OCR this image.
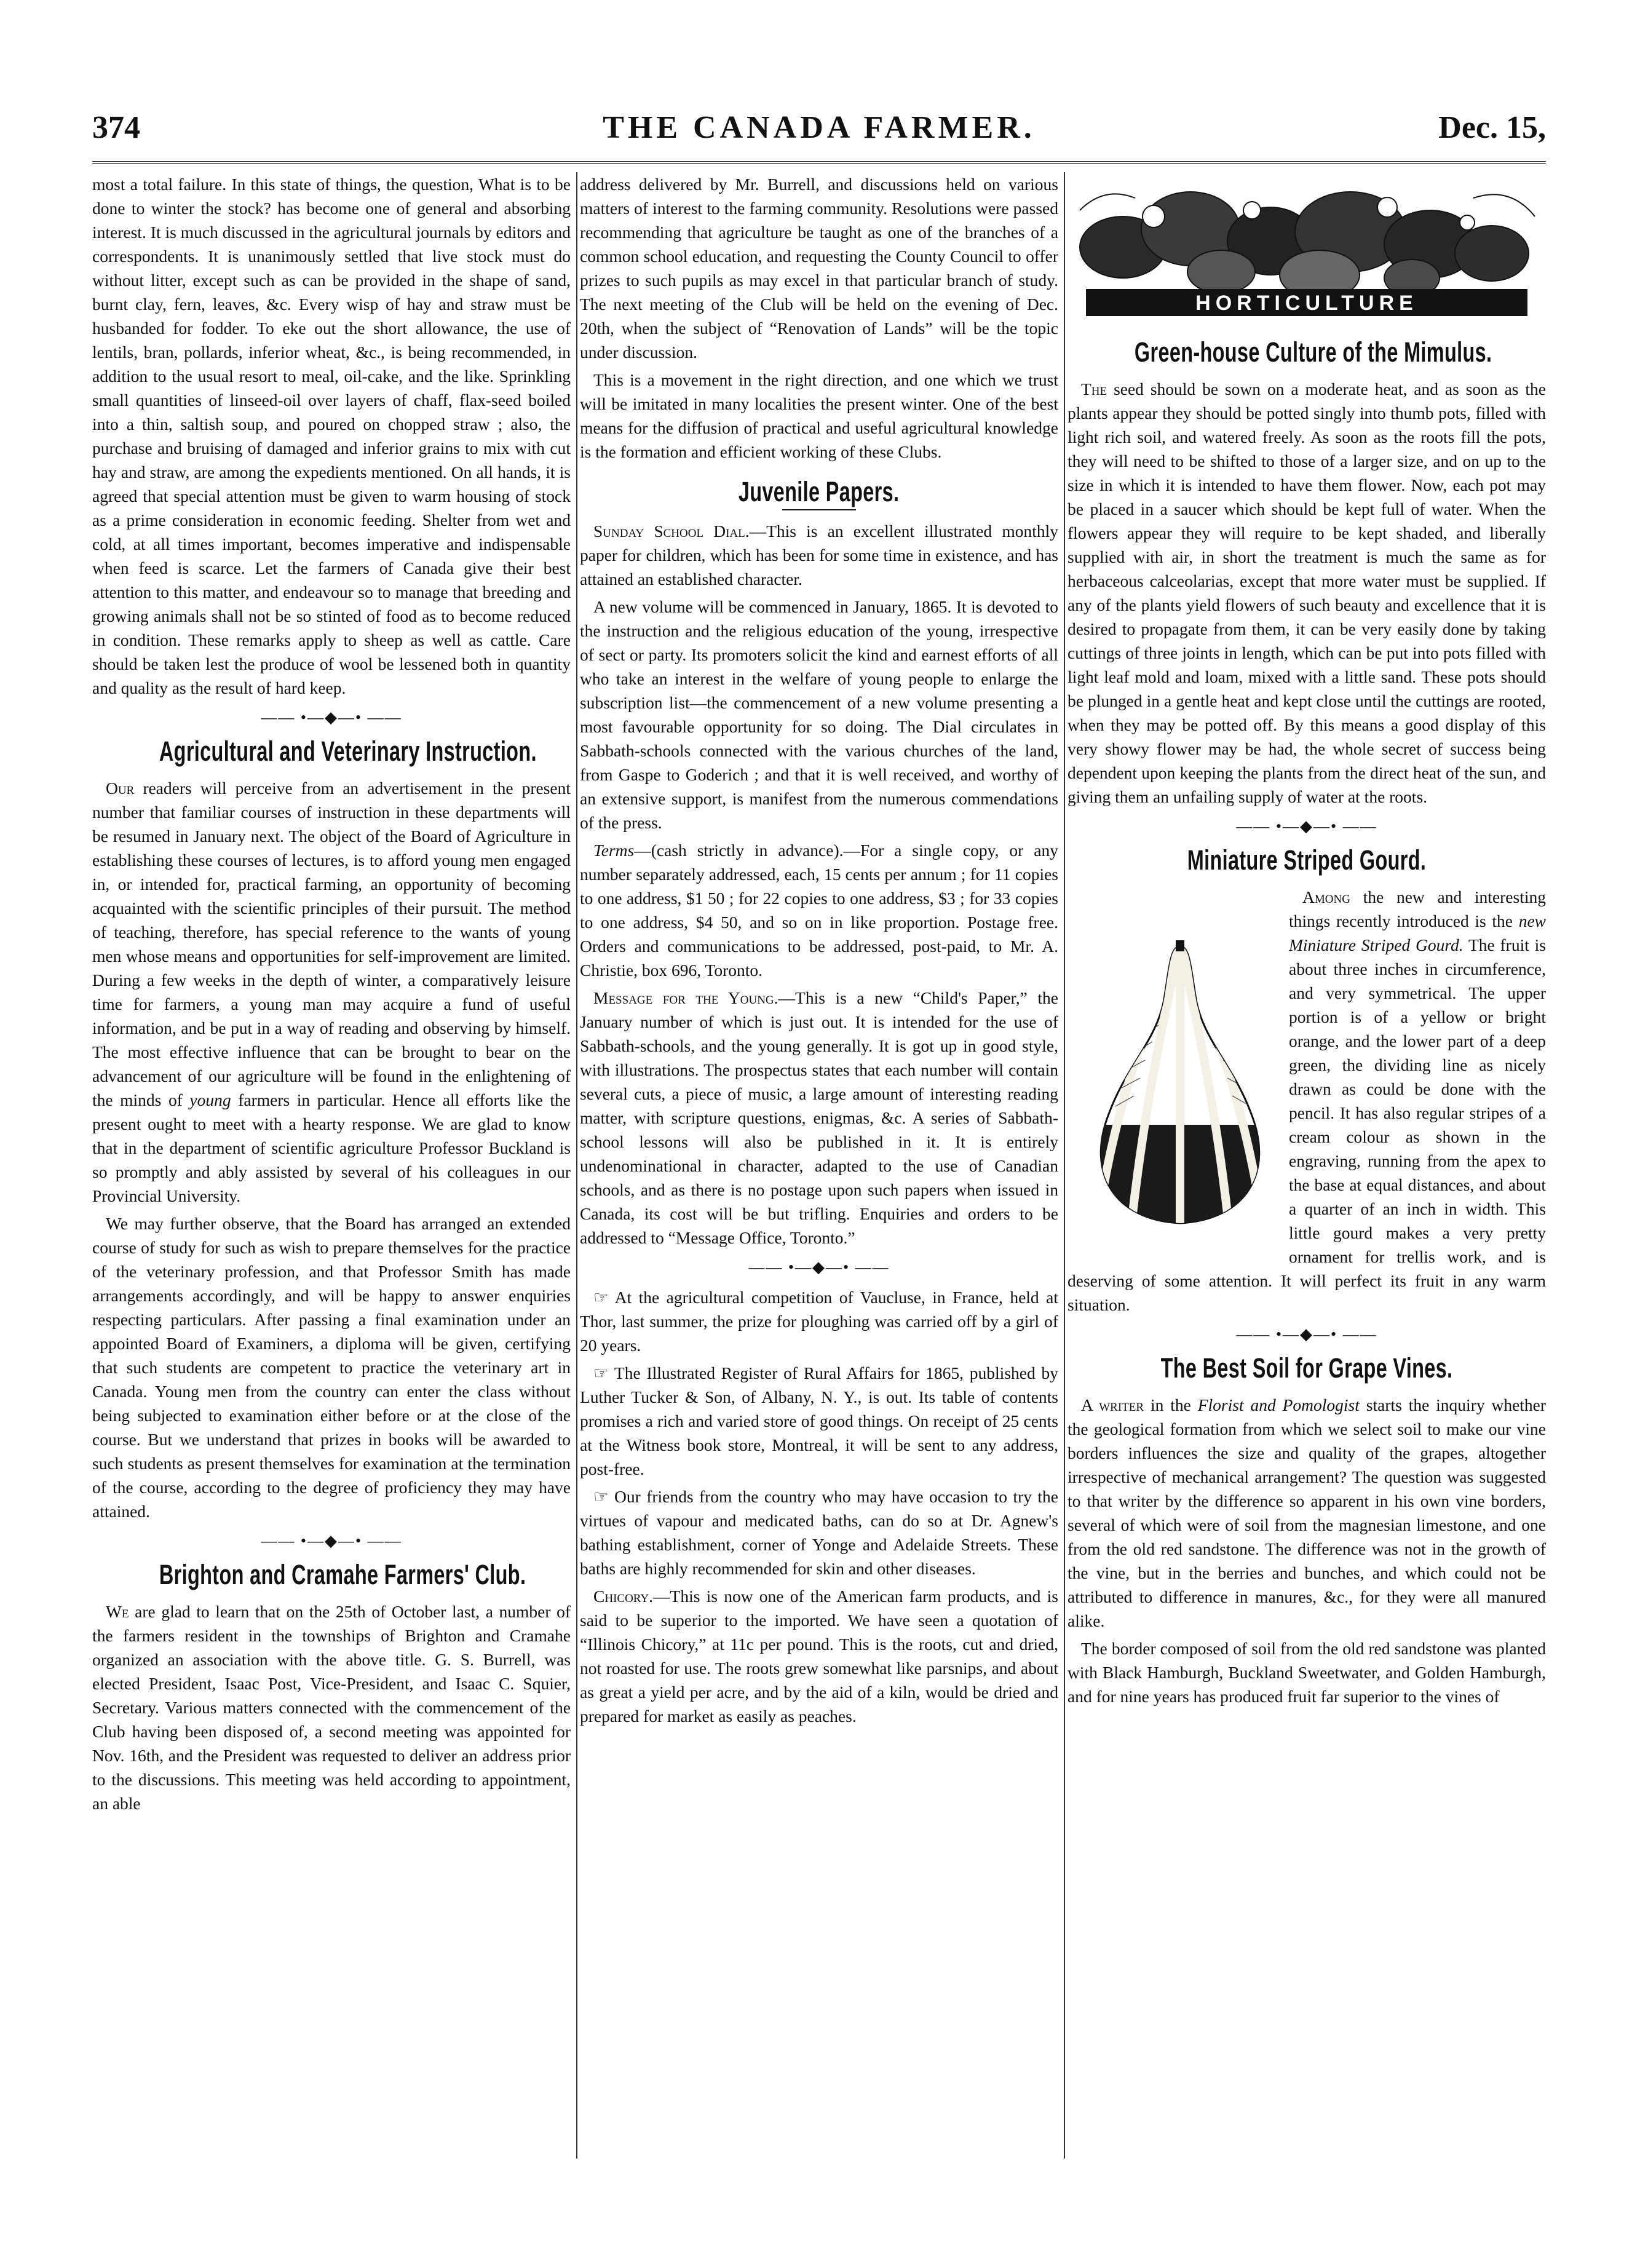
374	THE CANADA FARMER.	Dec. 15,

most a total failure. In this state of things, the question, What is to be done to winter the stock? has become one of general and absorbing interest. It is much discussed in the agricultural journals by editors and correspondents. It is unanimously settled that live stock must do without litter, except such as can be provided in the shape of sand, burnt clay, fern, leaves, &c. Every wisp of hay and straw must be husbanded for fodder. To eke out the short allowance, the use of lentils, bran, pollards, inferior wheat, &c., is being recommended, in addition to the usual resort to meal, oil-cake, and the like. Sprinkling small quantities of linseed-oil over layers of chaff, flax-seed boiled into a thin, saltish soup, and poured on chopped straw ; also, the purchase and bruising of damaged and inferior grains to mix with cut hay and straw, are among the expedients mentioned. On all hands, it is agreed that special attention must be given to warm housing of stock as a prime consideration in economic feeding. Shelter from wet and cold, at all times important, becomes imperative and indispensable when feed is scarce. Let the farmers of Canada give their best attention to this matter, and endeavour so to manage that breeding and growing animals shall not be so stinted of food as to become reduced in condition. These remarks apply to sheep as well as cattle. Care should be taken lest the produce of wool be lessened both in quantity and quality as the result of hard keep.

—— •—◆—• ——
Agricultural and Veterinary Instruction.

Our readers will perceive from an advertisement in the present number that familiar courses of instruction in these departments will be resumed in January next. The object of the Board of Agriculture in establishing these courses of lectures, is to afford young men engaged in, or intended for, practical farming, an opportunity of becoming acquainted with the scientific principles of their pursuit. The method of teaching, therefore, has special reference to the wants of young men whose means and opportunities for self-improvement are limited. During a few weeks in the depth of winter, a comparatively leisure time for farmers, a young man may acquire a fund of useful information, and be put in a way of reading and observing by himself. The most effective influence that can be brought to bear on the advancement of our agriculture will be found in the enlightening of the minds of young farmers in particular. Hence all efforts like the present ought to meet with a hearty response. We are glad to know that in the department of scientific agriculture Professor Buckland is so promptly and ably assisted by several of his colleagues in our Provincial University.

We may further observe, that the Board has arranged an extended course of study for such as wish to prepare themselves for the practice of the veterinary profession, and that Professor Smith has made arrangements accordingly, and will be happy to answer enquiries respecting particulars. After passing a final examination under an appointed Board of Examiners, a diploma will be given, certifying that such students are competent to practice the veterinary art in Canada. Young men from the country can enter the class without being subjected to examination either before or at the close of the course. But we understand that prizes in books will be awarded to such students as present themselves for examination at the termination of the course, according to the degree of proficiency they may have attained.

—— •—◆—• ——
Brighton and Cramahe Farmers' Club.

We are glad to learn that on the 25th of October last, a number of the farmers resident in the townships of Brighton and Cramahe organized an association with the above title. G. S. Burrell, was elected President, Isaac Post, Vice-President, and Isaac C. Squier, Secretary. Various matters connected with the commencement of the Club having been disposed of, a second meeting was appointed for Nov. 16th, and the President was requested to deliver an address prior to the discussions. This meeting was held according to appointment, an able

address delivered by Mr. Burrell, and discussions held on various matters of interest to the farming community. Resolutions were passed recommending that agriculture be taught as one of the branches of a common school education, and requesting the County Council to offer prizes to such pupils as may excel in that particular branch of study. The next meeting of the Club will be held on the evening of Dec. 20th, when the subject of “Renovation of Lands” will be the topic under discussion.

This is a movement in the right direction, and one which we trust will be imitated in many localities the present winter. One of the best means for the diffusion of practical and useful agricultural knowledge is the formation and efficient working of these Clubs.

Juvenile Papers.

Sunday School Dial.—This is an excellent illustrated monthly paper for children, which has been for some time in existence, and has attained an established character.

A new volume will be commenced in January, 1865. It is devoted to the instruction and the religious education of the young, irrespective of sect or party. Its promoters solicit the kind and earnest efforts of all who take an interest in the welfare of young people to enlarge the subscription list—the commencement of a new volume presenting a most favourable opportunity for so doing. The Dial circulates in Sabbath-schools connected with the various churches of the land, from Gaspe to Goderich ; and that it is well received, and worthy of an extensive support, is manifest from the numerous commendations of the press.

Terms—(cash strictly in advance).—For a single copy, or any number separately addressed, each, 15 cents per annum ; for 11 copies to one address, $1 50 ; for 22 copies to one address, $3 ; for 33 copies to one address, $4 50, and so on in like proportion. Postage free. Orders and communications to be addressed, post-paid, to Mr. A. Christie, box 696, Toronto.

Message for the Young.—This is a new “Child's Paper,” the January number of which is just out. It is intended for the use of Sabbath-schools, and the young generally. It is got up in good style, with illustrations. The prospectus states that each number will contain several cuts, a piece of music, a large amount of interesting reading matter, with scripture questions, enigmas, &c. A series of Sabbath-school lessons will also be published in it. It is entirely undenominational in character, adapted to the use of Canadian schools, and as there is no postage upon such papers when issued in Canada, its cost will be but trifling. Enquiries and orders to be addressed to “Message Office, Toronto.”

—— •—◆—• ——

☞ At the agricultural competition of Vaucluse, in France, held at Thor, last summer, the prize for ploughing was carried off by a girl of 20 years.

☞ The Illustrated Register of Rural Affairs for 1865, published by Luther Tucker & Son, of Albany, N. Y., is out. Its table of contents promises a rich and varied store of good things. On receipt of 25 cents at the Witness book store, Montreal, it will be sent to any address, post-free.

☞ Our friends from the country who may have occasion to try the virtues of vapour and medicated baths, can do so at Dr. Agnew's bathing establishment, corner of Yonge and Adelaide Streets. These baths are highly recommended for skin and other diseases.

Chicory.—This is now one of the American farm products, and is said to be superior to the imported. We have seen a quotation of “Illinois Chicory,” at 11c per pound. This is the roots, cut and dried, not roasted for use. The roots grew somewhat like parsnips, and about as great a yield per acre, and by the aid of a kiln, would be dried and prepared for market as easily as peaches.

HORTICULTURE
Green-house Culture of the Mimulus.

The seed should be sown on a moderate heat, and as soon as the plants appear they should be potted singly into thumb pots, filled with light rich soil, and watered freely. As soon as the roots fill the pots, they will need to be shifted to those of a larger size, and on up to the size in which it is intended to have them flower. Now, each pot may be placed in a saucer which should be kept full of water. When the flowers appear they will require to be kept shaded, and liberally supplied with air, in short the treatment is much the same as for herbaceous calceolarias, except that more water must be supplied. If any of the plants yield flowers of such beauty and excellence that it is desired to propagate from them, it can be very easily done by taking cuttings of three joints in length, which can be put into pots filled with light leaf mold and loam, mixed with a little sand. These pots should be plunged in a gentle heat and kept close until the cuttings are rooted, when they may be potted off. By this means a good display of this very showy flower may be had, the whole secret of success being dependent upon keeping the plants from the direct heat of the sun, and giving them an unfailing supply of water at the roots.

—— •—◆—• ——
Miniature Striped Gourd.

Among the new and interesting things recently introduced is the new Miniature Striped Gourd. The fruit is about three inches in circumference, and very symmetrical. The upper portion is of a yellow or bright orange, and the lower part of a deep green, the dividing line as nicely drawn as could be done with the pencil. It has also regular stripes of a cream colour as shown in the engraving, running from the apex to the base at equal distances, and about a quarter of an inch in width. This little gourd makes a very pretty ornament for trellis work, and is deserving of some attention. It will perfect its fruit in any warm situation.

—— •—◆—• ——
The Best Soil for Grape Vines.

A writer in the Florist and Pomologist starts the inquiry whether the geological formation from which we select soil to make our vine borders influences the size and quality of the grapes, altogether irrespective of mechanical arrangement? The question was suggested to that writer by the difference so apparent in his own vine borders, several of which were of soil from the magnesian limestone, and one from the old red sandstone. The difference was not in the growth of the vine, but in the berries and bunches, and which could not be attributed to difference in manures, &c., for they were all manured alike.

The border composed of soil from the old red sandstone was planted with Black Hamburgh, Buckland Sweetwater, and Golden Hamburgh, and for nine years has produced fruit far superior to the vines of
